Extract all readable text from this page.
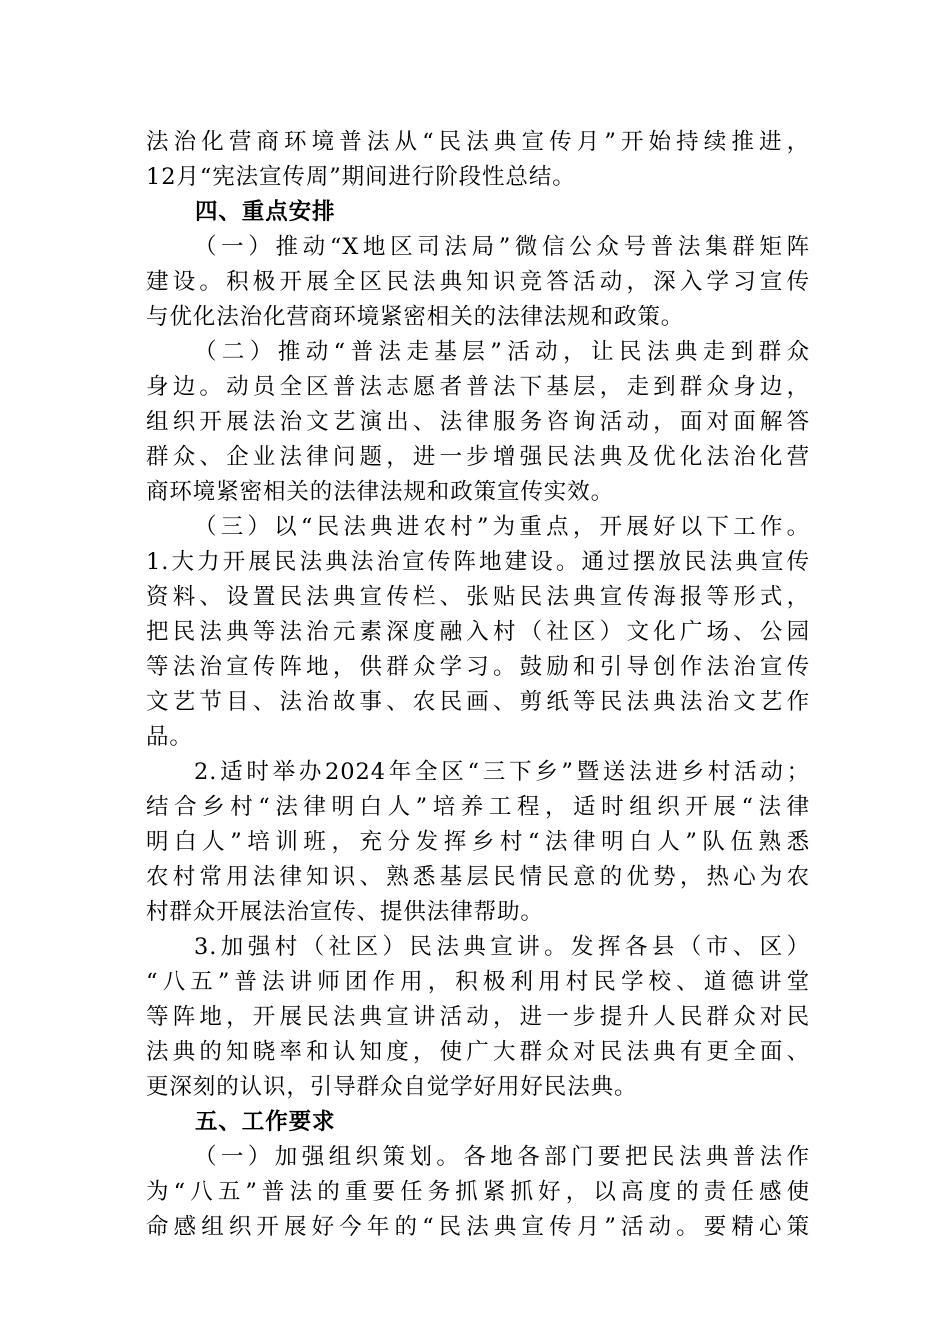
法治化营商环境普法从“民法典宣传月”开始持续推进，
12月“宪法宣传周”期间进行阶段性总结。
四、重点安排
（一）推动“X地区司法局”微信公众号普法集群矩阵
建设。积极开展全区民法典知识竞答活动，深入学习宣传
与优化法治化营商环境紧密相关的法律法规和政策。
（二）推动“普法走基层”活动，让民法典走到群众
身边。动员全区普法志愿者普法下基层，走到群众身边，
组织开展法治文艺演出、法律服务咨询活动，面对面解答
群众、企业法律问题，进一步增强民法典及优化法治化营
商环境紧密相关的法律法规和政策宣传实效。
（三）以“民法典进农村”为重点，开展好以下工作。
1.大力开展民法典法治宣传阵地建设。通过摆放民法典宣传
资料、设置民法典宣传栏、张贴民法典宣传海报等形式，
把民法典等法治元素深度融入村（社区）文化广场、公园
等法治宣传阵地，供群众学习。鼓励和引导创作法治宣传
文艺节目、法治故事、农民画、剪纸等民法典法治文艺作
品。
2.适时举办2024年全区“三下乡”暨送法进乡村活动；
结合乡村“法律明白人”培养工程，适时组织开展“法律
明白人”培训班，充分发挥乡村“法律明白人”队伍熟悉
农村常用法律知识、熟悉基层民情民意的优势，热心为农
村群众开展法治宣传、提供法律帮助。
3.加强村（社区）民法典宣讲。发挥各县（市、区）
“八五”普法讲师团作用，积极利用村民学校、道德讲堂
等阵地，开展民法典宣讲活动，进一步提升人民群众对民
法典的知晓率和认知度，使广大群众对民法典有更全面、
更深刻的认识，引导群众自觉学好用好民法典。
五、工作要求
（一）加强组织策划。各地各部门要把民法典普法作
为“八五”普法的重要任务抓紧抓好，以高度的责任感使
命感组织开展好今年的“民法典宣传月”活动。要精心策
